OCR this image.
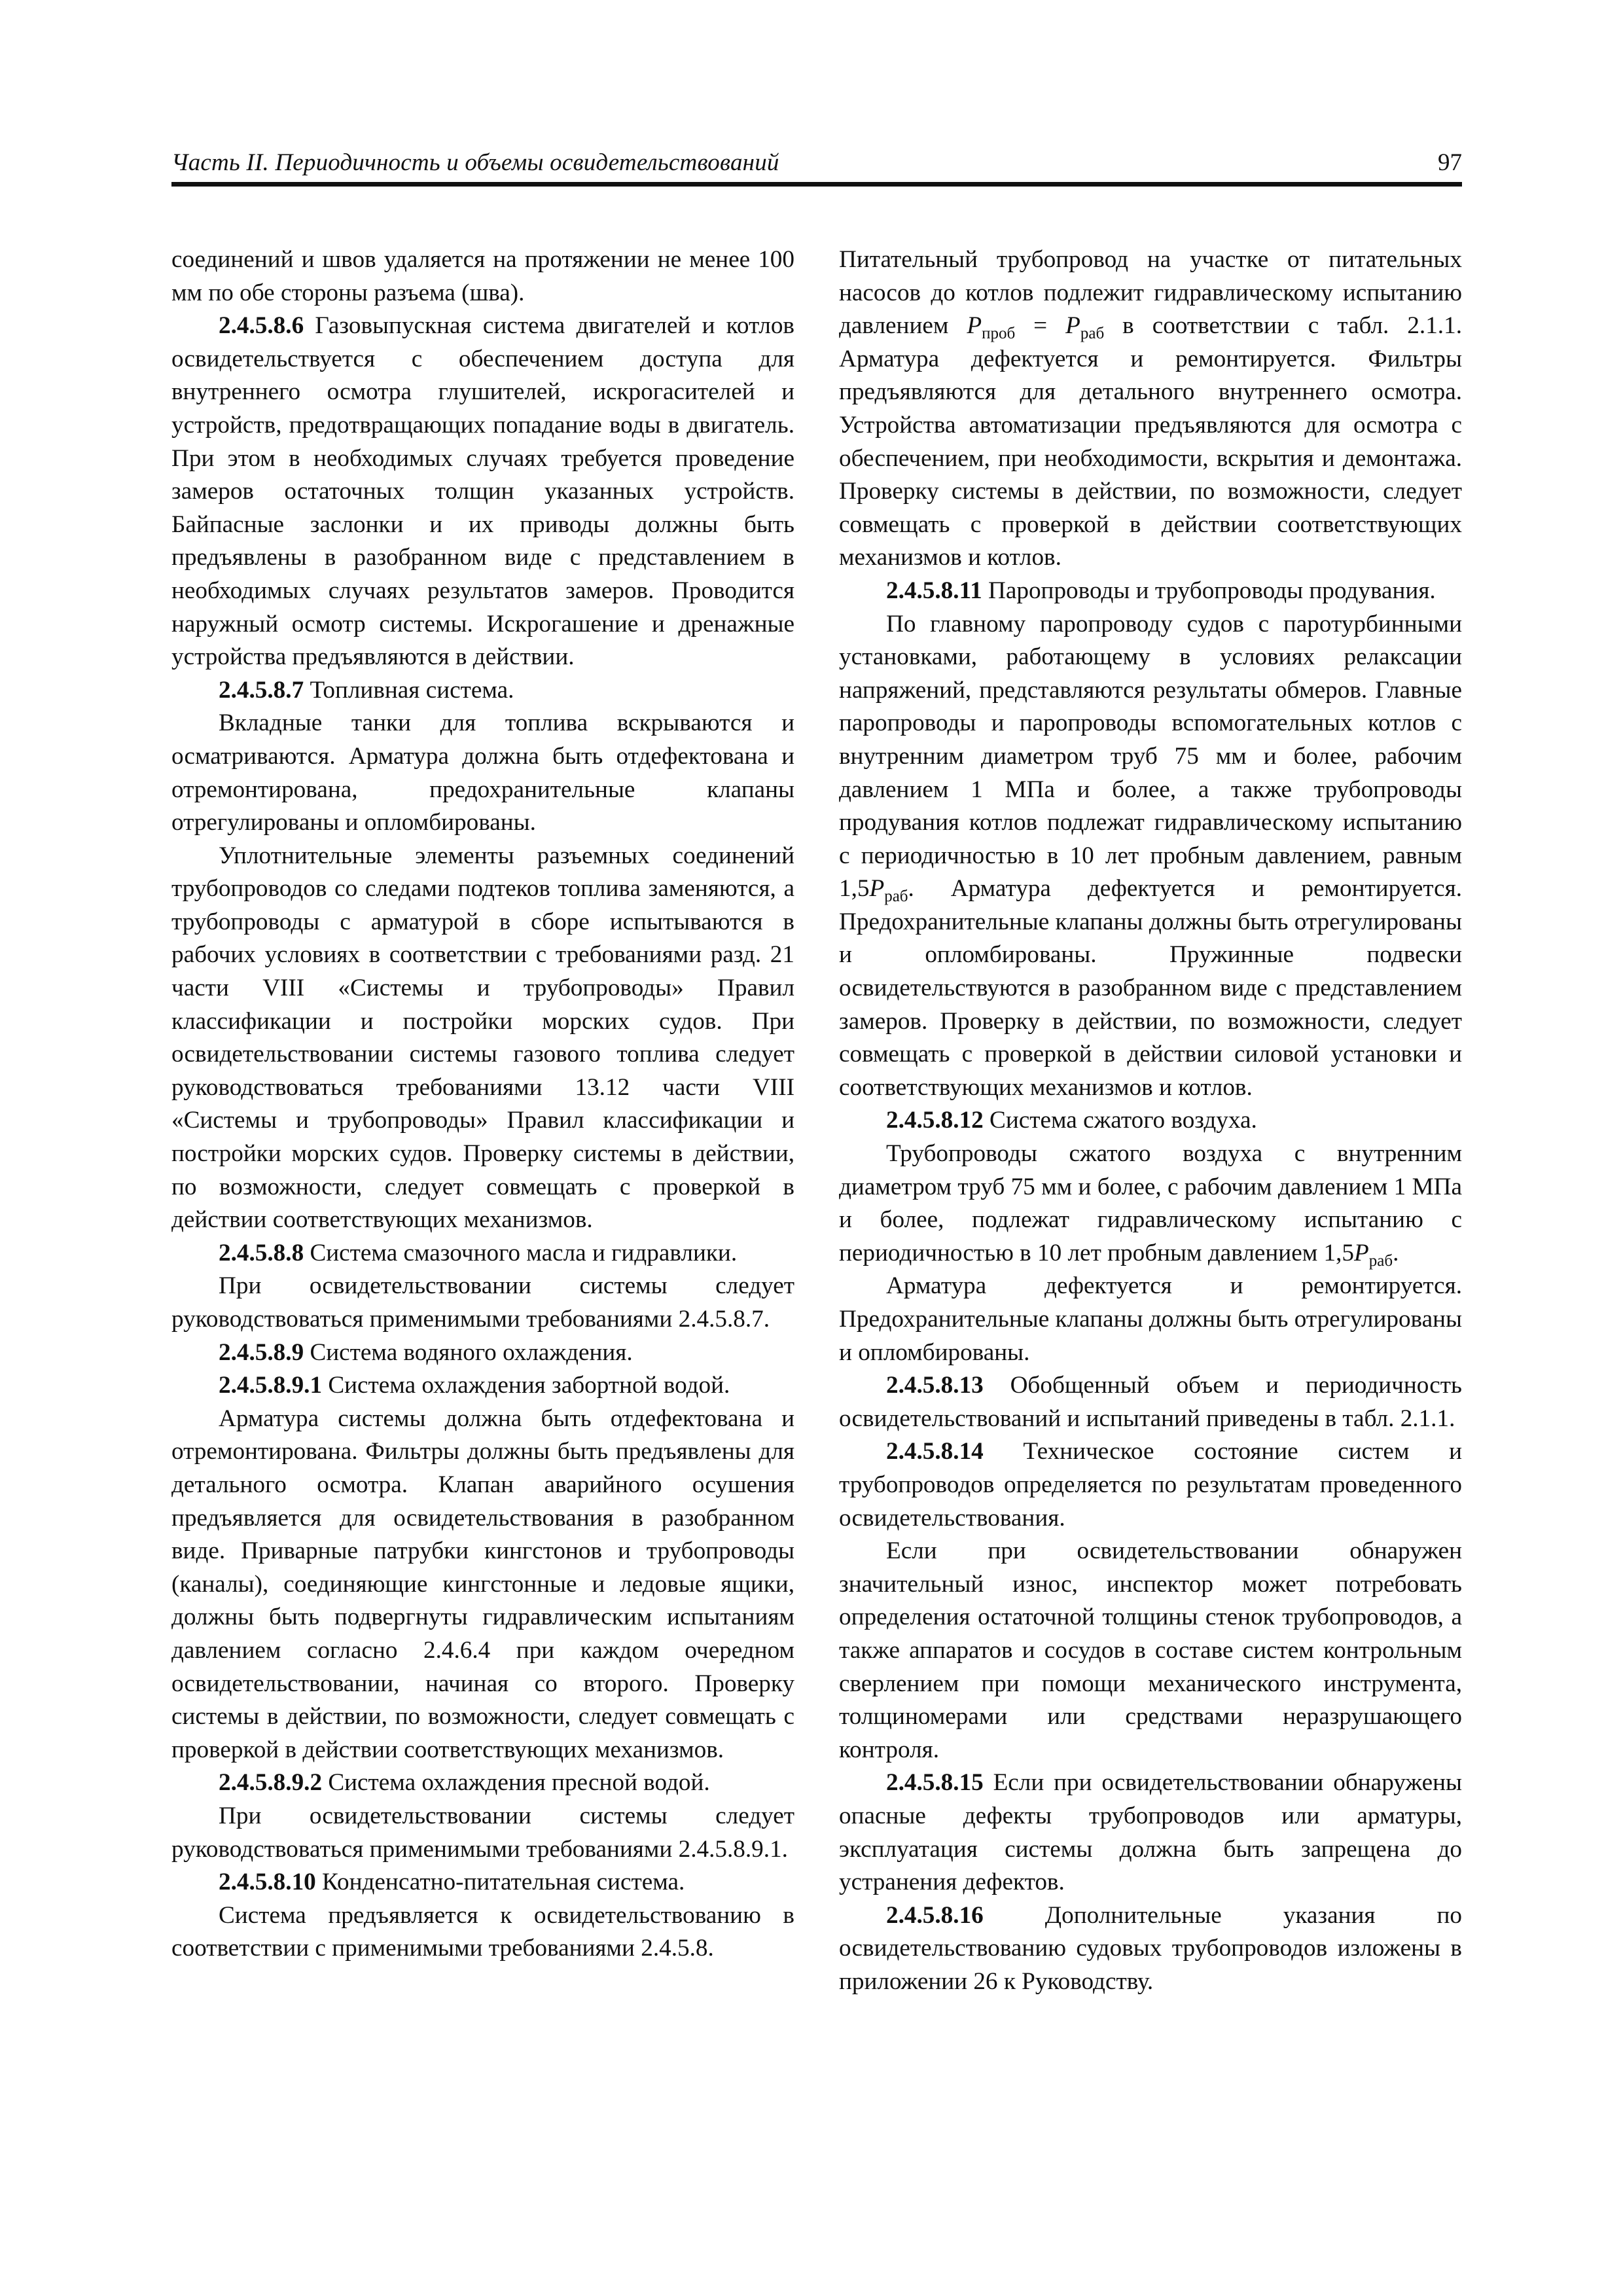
Часть II. Периодичность и объемы освидетельствований	97

соединений и швов удаляется на протяжении не менее 100 мм по обе стороны разъема (шва).

2.4.5.8.6 Газовыпускная система двигателей и котлов освидетельствуется с обеспечением доступа для внутреннего осмотра глушителей, искрогасителей и устройств, предотвращающих попадание воды в двигатель. При этом в необходимых случаях требуется проведение замеров остаточных толщин указанных устройств. Байпасные заслонки и их приводы должны быть предъявлены в разобранном виде с представлением в необходимых случаях результатов замеров. Проводится наружный осмотр системы. Искрогашение и дренажные устройства предъявляются в действии.

2.4.5.8.7 Топливная система.

Вкладные танки для топлива вскрываются и осматриваются. Арматура должна быть отдефектована и отремонтирована, предохранительные клапаны отрегулированы и опломбированы.

Уплотнительные элементы разъемных соединений трубопроводов со следами подтеков топлива заменяются, а трубопроводы с арматурой в сборе испытываются в рабочих условиях в соответствии с требованиями разд. 21 части VIII «Системы и трубопроводы» Правил классификации и постройки морских судов. При освидетельствовании системы газового топлива следует руководствоваться требованиями 13.12 части VIII «Системы и трубопроводы» Правил классификации и постройки морских судов. Проверку системы в действии, по возможности, следует совмещать с проверкой в действии соответствующих механизмов.

2.4.5.8.8 Система смазочного масла и гидравлики.

При освидетельствовании системы следует руководствоваться применимыми требованиями 2.4.5.8.7.

2.4.5.8.9 Система водяного охлаждения.

2.4.5.8.9.1 Система охлаждения забортной водой.

Арматура системы должна быть отдефектована и отремонтирована. Фильтры должны быть предъявлены для детального осмотра. Клапан аварийного осушения предъявляется для освидетельствования в разобранном виде. Приварные патрубки кингстонов и трубопроводы (каналы), соединяющие кингстонные и ледовые ящики, должны быть подвергнуты гидравлическим испытаниям давлением согласно 2.4.6.4 при каждом очередном освидетельствовании, начиная со второго. Проверку системы в действии, по возможности, следует совмещать с проверкой в действии соответствующих механизмов.

2.4.5.8.9.2 Система охлаждения пресной водой.

При освидетельствовании системы следует руководствоваться применимыми требованиями 2.4.5.8.9.1.

2.4.5.8.10 Конденсатно-питательная система.

Система предъявляется к освидетельствованию в соответствии с применимыми требованиями 2.4.5.8.

Питательный трубопровод на участке от питательных насосов до котлов подлежит гидравлическому испытанию давлением $P_{проб} = P_{раб}$ в соответствии с табл. 2.1.1. Арматура дефектуется и ремонтируется. Фильтры предъявляются для детального внутреннего осмотра. Устройства автоматизации предъявляются для осмотра с обеспечением, при необходимости, вскрытия и демонтажа. Проверку системы в действии, по возможности, следует совмещать с проверкой в действии соответствующих механизмов и котлов.

2.4.5.8.11 Паропроводы и трубопроводы продувания.

По главному паропроводу судов с паротурбинными установками, работающему в условиях релаксации напряжений, представляются результаты обмеров. Главные паропроводы и паропроводы вспомогательных котлов с внутренним диаметром труб 75 мм и более, рабочим давлением 1 МПа и более, а также трубопроводы продувания котлов подлежат гидравлическому испытанию с периодичностью в 10 лет пробным давлением, равным $1,5P_{раб}$. Арматура дефектуется и ремонтируется. Предохранительные клапаны должны быть отрегулированы и опломбированы. Пружинные подвески освидетельствуются в разобранном виде с представлением замеров. Проверку в действии, по возможности, следует совмещать с проверкой в действии силовой установки и соответствующих механизмов и котлов.

2.4.5.8.12 Система сжатого воздуха.

Трубопроводы сжатого воздуха с внутренним диаметром труб 75 мм и более, с рабочим давлением 1 МПа и более, подлежат гидравлическому испытанию с периодичностью в 10 лет пробным давлением $1,5P_{раб}$.

Арматура дефектуется и ремонтируется. Предохранительные клапаны должны быть отрегулированы и опломбированы.

2.4.5.8.13 Обобщенный объем и периодичность освидетельствований и испытаний приведены в табл. 2.1.1.

2.4.5.8.14 Техническое состояние систем и трубопроводов определяется по результатам проведенного освидетельствования.

Если при освидетельствовании обнаружен значительный износ, инспектор может потребовать определения остаточной толщины стенок трубопроводов, а также аппаратов и сосудов в составе систем контрольным сверлением при помощи механического инструмента, толщиномерами или средствами неразрушающего контроля.

2.4.5.8.15 Если при освидетельствовании обнаружены опасные дефекты трубопроводов или арматуры, эксплуатация системы должна быть запрещена до устранения дефектов.

2.4.5.8.16 Дополнительные указания по освидетельствованию судовых трубопроводов изложены в приложении 26 к Руководству.
